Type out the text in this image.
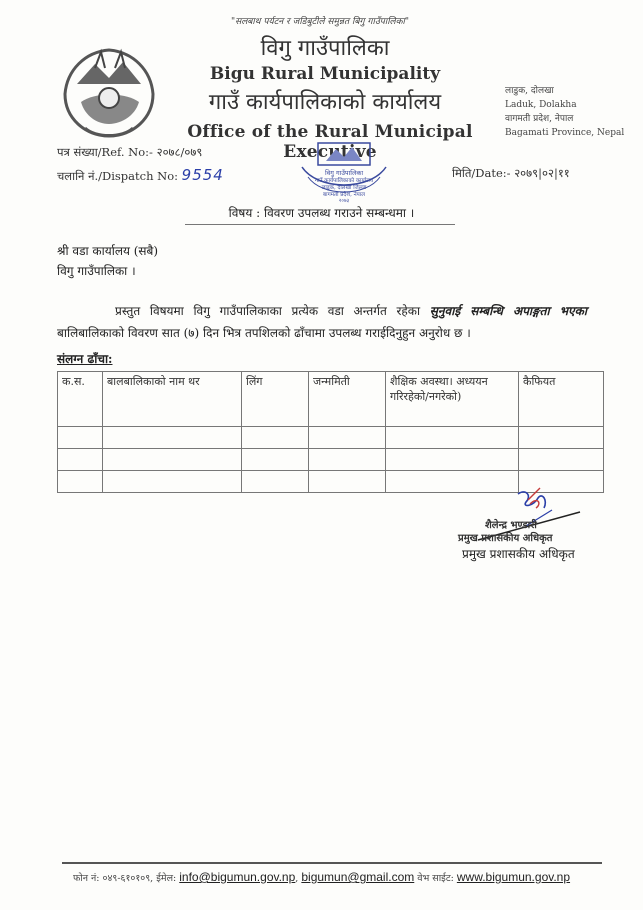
"सलबाथ पर्यटन र जडिबुटीले समुन्नत बिगु गाउँपालिका"
विगु गाउँपालिका
Bigu Rural Municipality
गाउँ कार्यपालिकाको कार्यालय
Office of the Rural Municipal Executive
लाडुक, दोलखा
Laduk, Dolakha
वागमती प्रदेश, नेपाल
Bagamati Province, Nepal
पत्र संख्या/Ref. No:- २०७८/०७९
चलानि नं./Dispatch No: 9554	मिति/Date:- २०७९|०२|११
विगु गाउँपालिका
गाउँ कार्यपालिकाको कार्यालय
लाडुक, दोलखा जिल्ला
बागमती प्रदेश, नेपाल
२०७३
विषय : विवरण उपलब्ध गराउने सम्बन्धमा ।
श्री वडा कार्यालय (सबै)
विगु गाउँपालिका ।
प्रस्तुत विषयमा विगु गाउँपालिकाका प्रत्येक वडा अन्तर्गत रहेका सुनुवाई सम्बन्धि अपाङ्गता भएका बालिबालिकाको विवरण सात (७) दिन भित्र तपशिलको ढाँचामा उपलब्ध गराईदिनुहुन अनुरोध छ ।
संलग्न ढाँचा:
क.स.	बालबालिकाको नाम थर	लिंग	जन्ममिती	शैक्षिक अवस्था। अध्ययन गरिरहेको/नगरेको)	कैफियत

शैलेन्द्र भण्डारी
प्रमुख प्रशासकीय अधिकृत
प्रमुख प्रशासकीय अधिकृत
फोन नं: ०४९-६१०१०९, ईमेल: info@bigumun.gov.np, bigumun@gmail.com वेभ साईट: www.bigumun.gov.np
